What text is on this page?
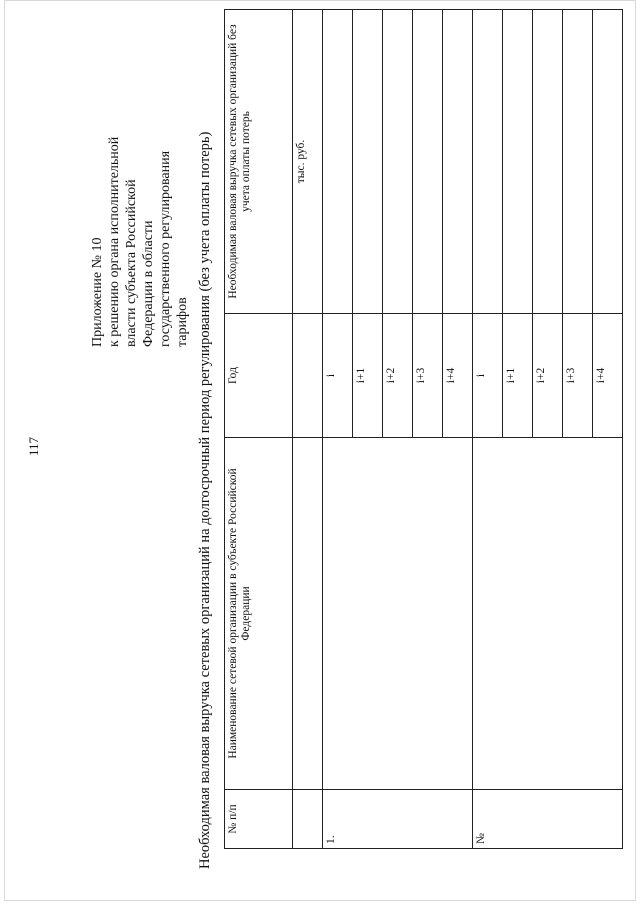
117
Приложение № 10 к решению органа исполнительной власти субъекта Российской Федерации в области государственного регулирования тарифов Необходимая валовая выручка сетевых организаций на долгосрочный период регулирования (без учета оплаты потерь) № п/п	Наименование сетевой организации в субъекте Российской Федерации	Год	Необходимая валовая выручка сетевых организаций без учета оплаты потерь

			тыс. руб.
1.		i	
		i+1	
		i+2	
		i+3	
		i+4	
№		i	
		i+1	
		i+2	
		i+3	
		i+4	
